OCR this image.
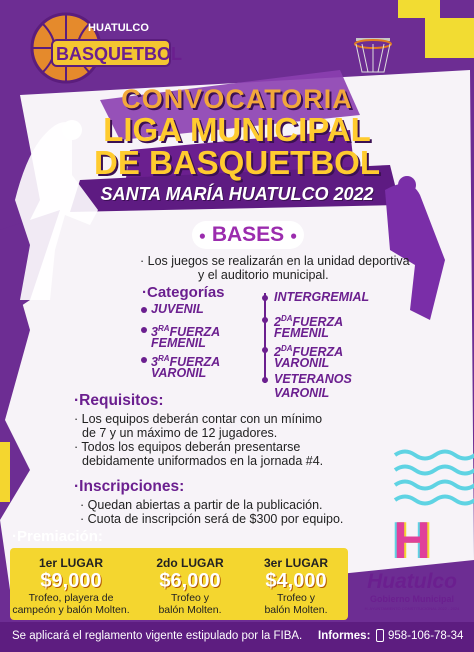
HUATULCO
BASQUETBOL
CONVOCATORIA
LIGA MUNICIPAL
DE BASQUETBOL
SANTA MARÍA HUATULCO 2022
● BASES ●
· Los juegos se realizarán en la unidad deportiva
y el auditorio municipal.
·Categorías
JUVENIL
$3^{RA}FUERZA$
FEMENIL
$3^{RA}FUERZA$
VARONIL
INTERGREMIAL
$2^{DA}FUERZA$
FEMENIL
$2^{DA}FUERZA$
VARONIL
VETERANOS
VARONIL
·Requisitos:
· Los equipos deberán contar con un mínimo
de 7 y un máximo de 12 jugadores.
· Todos los equipos deberán presentarse
debidamente uniformados en la jornada #4.
·Inscripciones:
· Quedan abiertas a partir de la publicación.
· Cuota de inscripción será de $300 por equipo.
·Premiación:
1er LUGAR
$9,000
Trofeo, playera de
campeón y balón Molten.
2do LUGAR
$6,000
Trofeo y
balón Molten.
3er LUGAR
$4,000
Trofeo y
balón Molten.
H
Huatulco
Gobierno Municipal
H. AYUNTAMIENTO CONSTITUCIONAL 2022 - 2024
Se aplicará el reglamento vigente estipulado por la FIBA. Informes: 958-106-78-34
